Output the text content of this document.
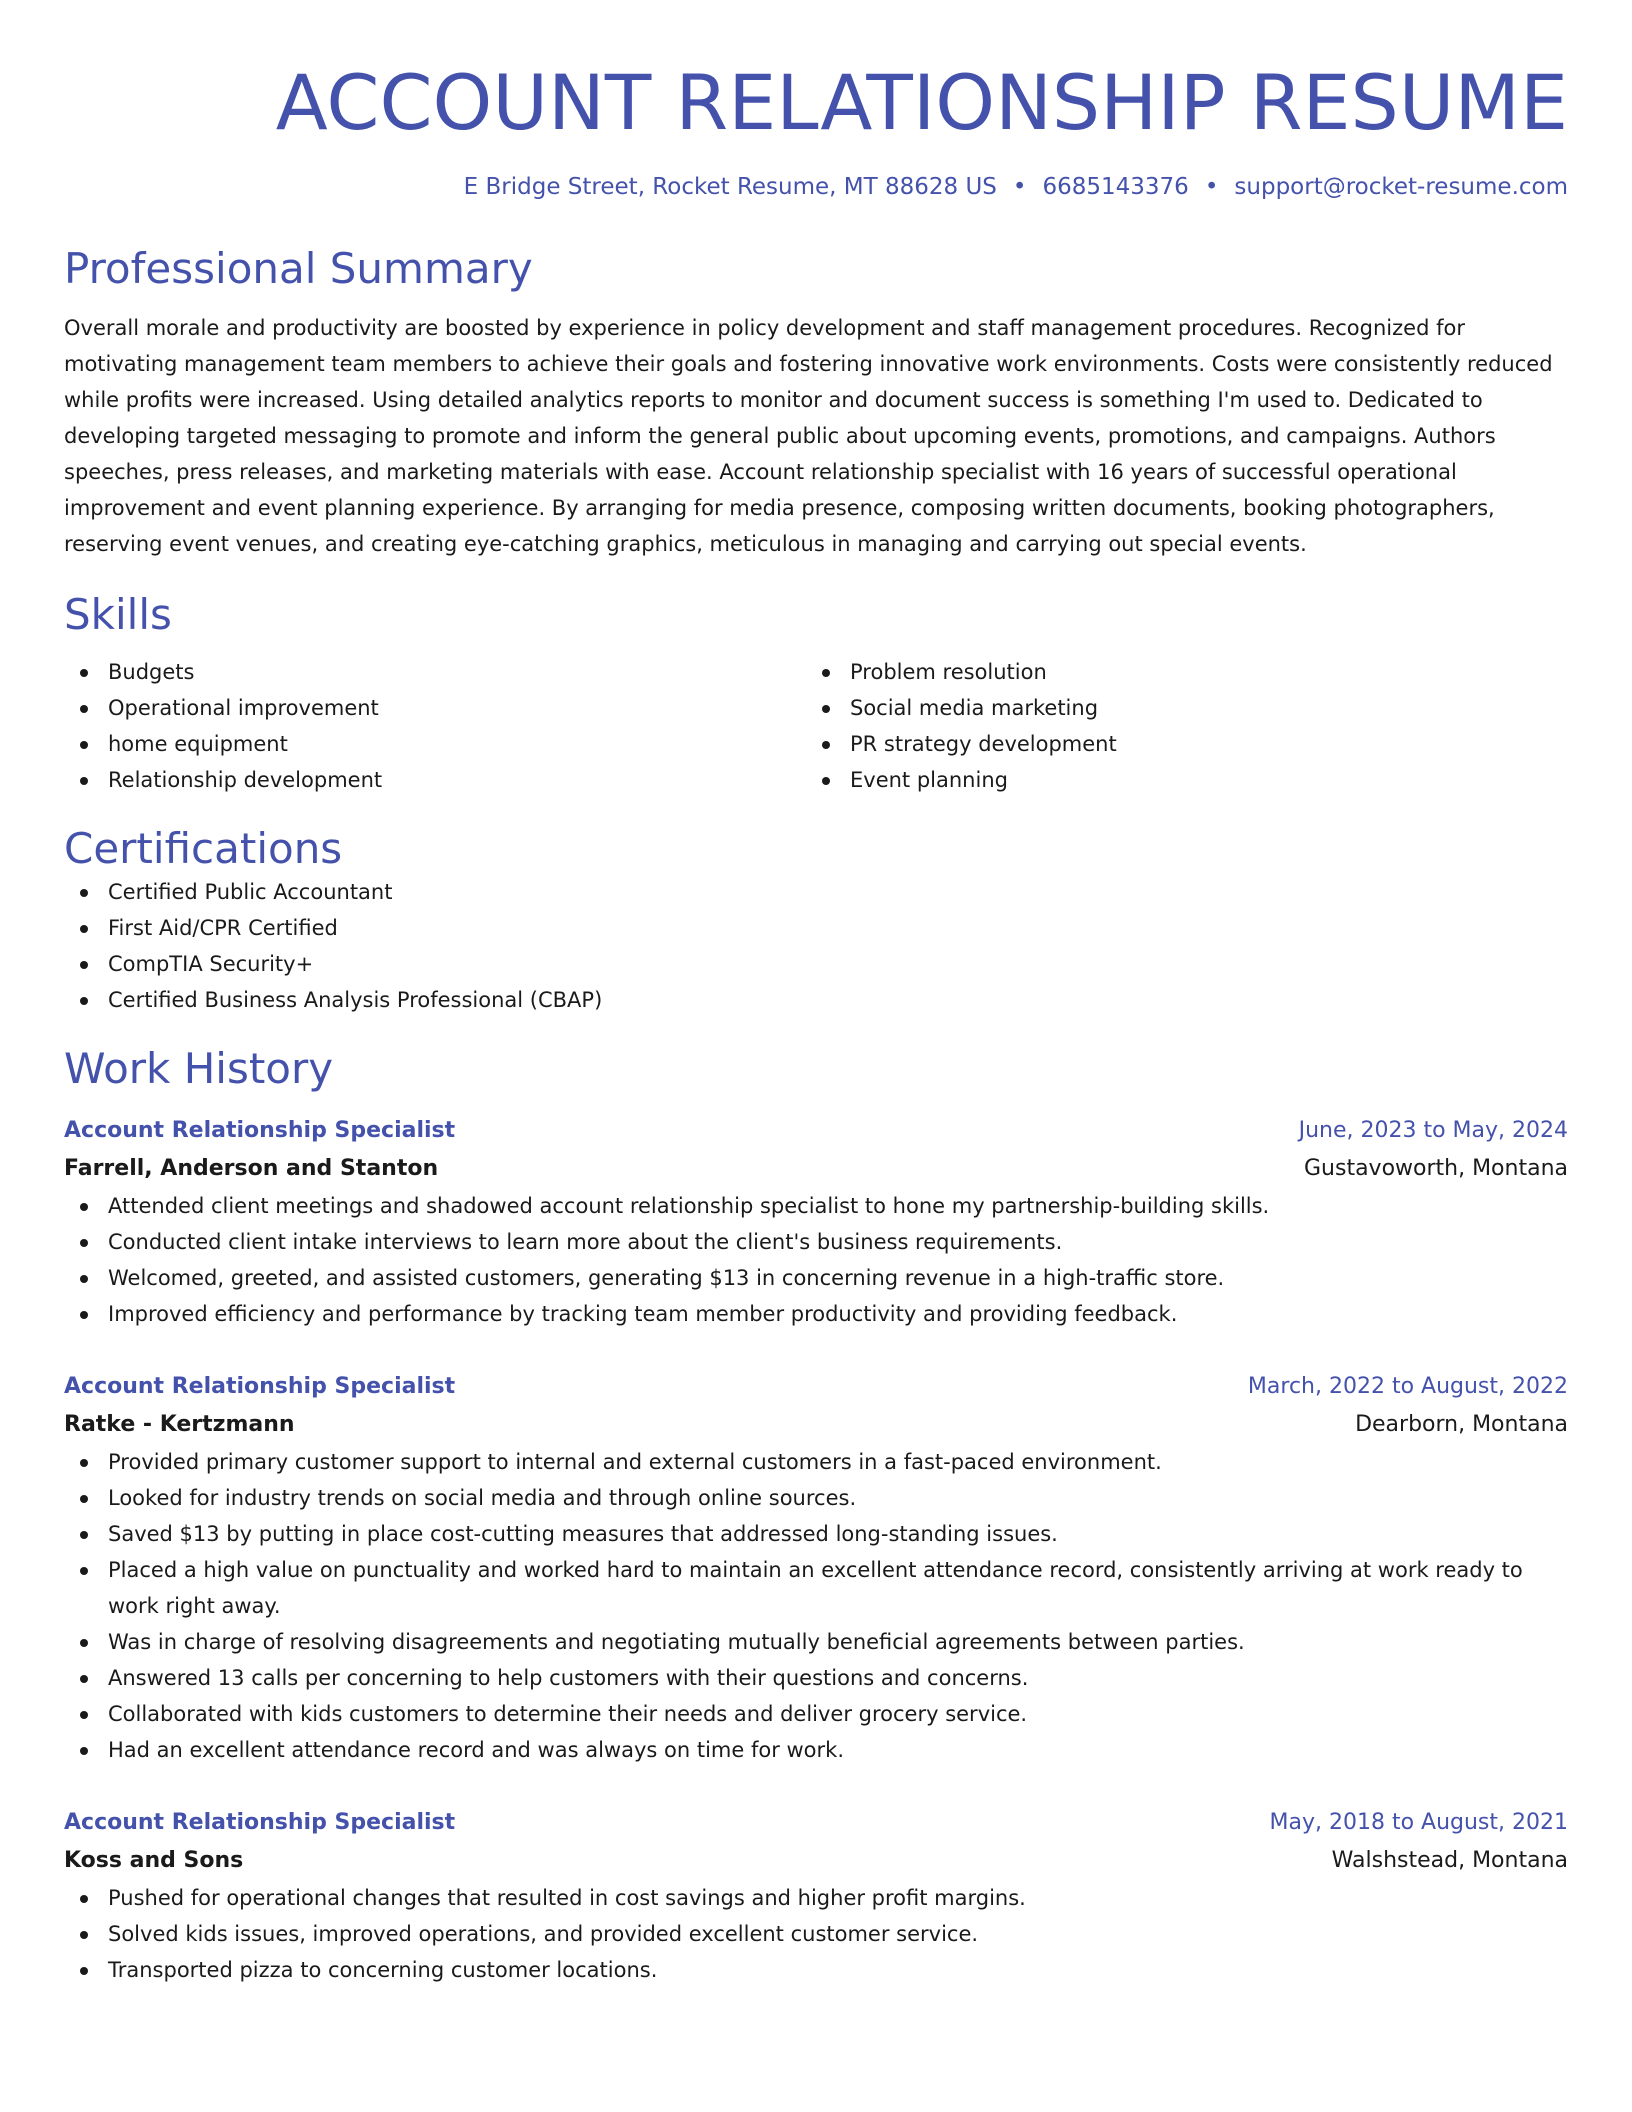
ACCOUNT RELATIONSHIP RESUME
E Bridge Street, Rocket Resume, MT 88628 US • 6685143376 • support@rocket-resume.com
Professional Summary
Overall morale and productivity are boosted by experience in policy development and staff management procedures. Recognized for motivating management team members to achieve their goals and fostering innovative work environments. Costs were consistently reduced while profits were increased. Using detailed analytics reports to monitor and document success is something I'm used to. Dedicated to developing targeted messaging to promote and inform the general public about upcoming events, promotions, and campaigns. Authors speeches, press releases, and marketing materials with ease. Account relationship specialist with 16 years of successful operational improvement and event planning experience. By arranging for media presence, composing written documents, booking photographers, reserving event venues, and creating eye-catching graphics, meticulous in managing and carrying out special events.
Skills
Budgets
Operational improvement
home equipment
Relationship development
Problem resolution
Social media marketing
PR strategy development
Event planning
Certifications
Certified Public Accountant
First Aid/CPR Certified
CompTIA Security+
Certified Business Analysis Professional (CBAP)
Work History
Account Relationship Specialist	June, 2023 to May, 2024
Farrell, Anderson and Stanton	Gustavoworth, Montana
Attended client meetings and shadowed account relationship specialist to hone my partnership-building skills.
Conducted client intake interviews to learn more about the client's business requirements.
Welcomed, greeted, and assisted customers, generating $13 in concerning revenue in a high-traffic store.
Improved efficiency and performance by tracking team member productivity and providing feedback.
Account Relationship Specialist	March, 2022 to August, 2022
Ratke - Kertzmann	Dearborn, Montana
Provided primary customer support to internal and external customers in a fast-paced environment.
Looked for industry trends on social media and through online sources.
Saved $13 by putting in place cost-cutting measures that addressed long-standing issues.
Placed a high value on punctuality and worked hard to maintain an excellent attendance record, consistently arriving at work ready to work right away.
Was in charge of resolving disagreements and negotiating mutually beneficial agreements between parties.
Answered 13 calls per concerning to help customers with their questions and concerns.
Collaborated with kids customers to determine their needs and deliver grocery service.
Had an excellent attendance record and was always on time for work.
Account Relationship Specialist	May, 2018 to August, 2021
Koss and Sons	Walshstead, Montana
Pushed for operational changes that resulted in cost savings and higher profit margins.
Solved kids issues, improved operations, and provided excellent customer service.
Transported pizza to concerning customer locations.
